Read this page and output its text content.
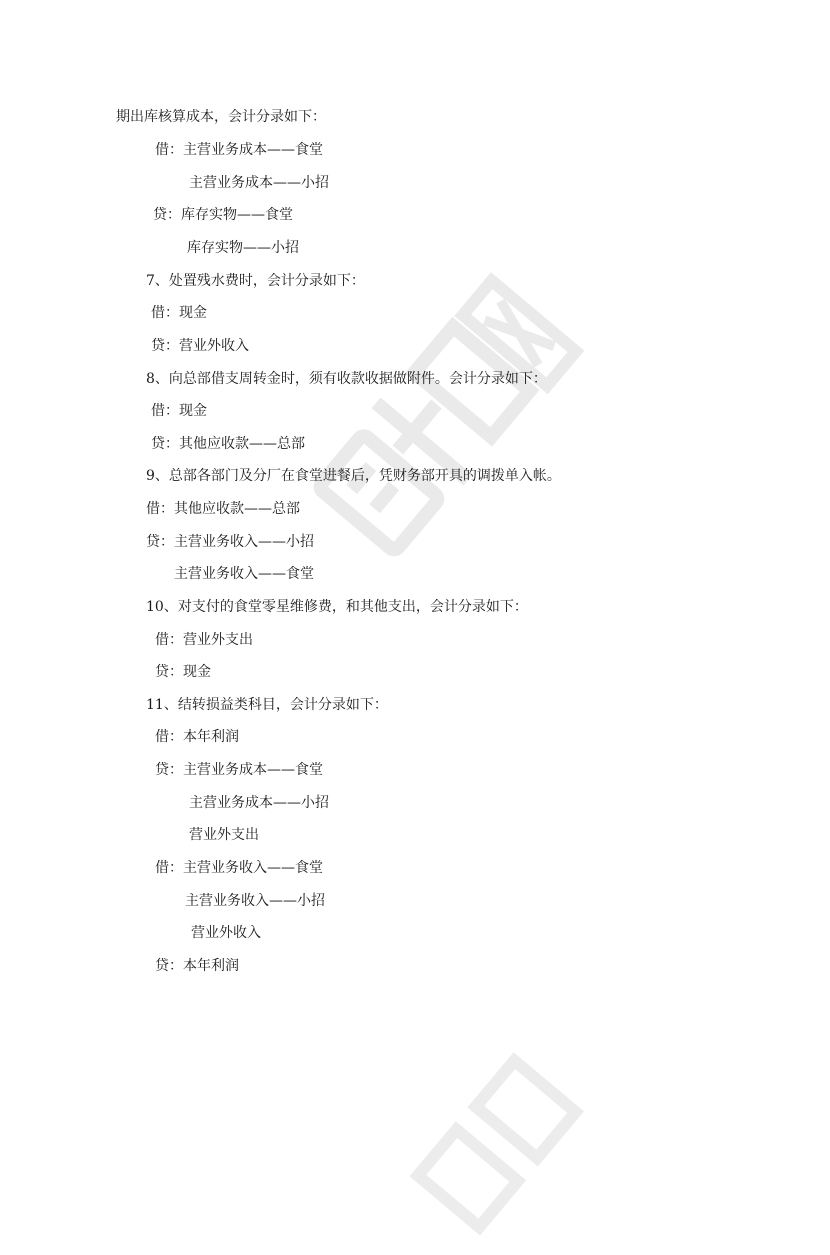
期出库核算成本，会计分录如下：
借：主营业务成本——食堂
主营业务成本——小招
贷：库存实物——食堂
库存实物——小招
7、处置残水费时，会计分录如下：
借：现金
贷：营业外收入
8、向总部借支周转金时，须有收款收据做附件。会计分录如下：
借：现金
贷：其他应收款——总部
9、总部各部门及分厂在食堂进餐后，凭财务部开具的调拨单入帐。
借：其他应收款——总部
贷：主营业务收入——小招
主营业务收入——食堂
10、对支付的食堂零星维修费，和其他支出，会计分录如下：
借：营业外支出
贷：现金
11、结转损益类科目，会计分录如下：
借：本年利润
贷：主营业务成本——食堂
主营业务成本——小招
营业外支出
借：主营业务收入——食堂
主营业务收入——小招
营业外收入
贷：本年利润
